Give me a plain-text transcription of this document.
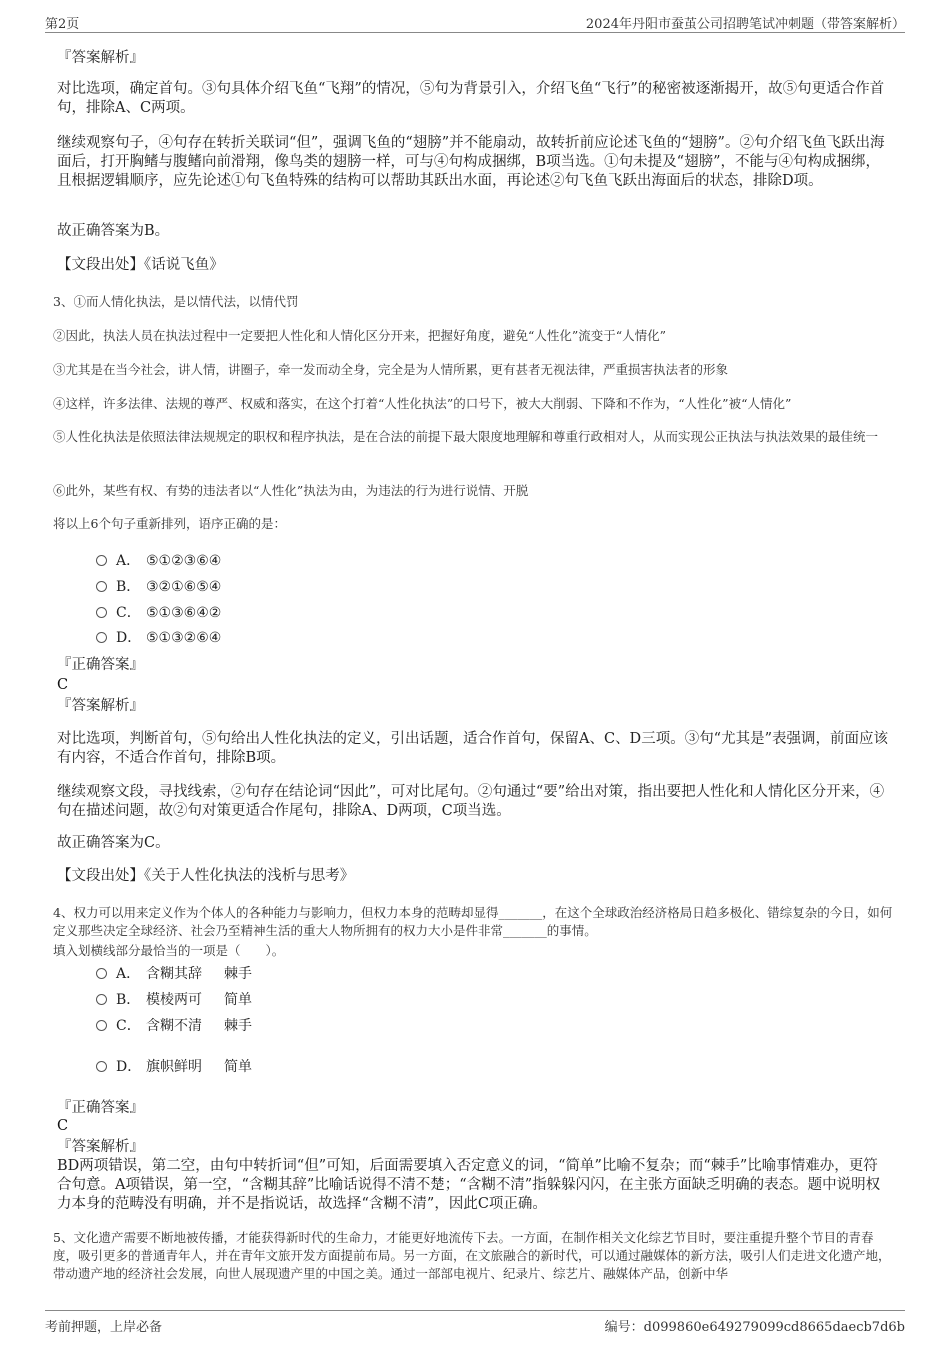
第2页	2024年丹阳市蚕茧公司招聘笔试冲刺题（带答案解析）
『答案解析』
对比选项，确定首句。③句具体介绍飞鱼“飞翔”的情况，⑤句为背景引入，介绍飞鱼“飞行”的秘密被逐渐揭开，故⑤句更适合作首句，排除A、C两项。
继续观察句子，④句存在转折关联词“但”，强调飞鱼的“翅膀”并不能扇动，故转折前应论述飞鱼的“翅膀”。②句介绍飞鱼飞跃出海面后，打开胸鳍与腹鳍向前滑翔，像鸟类的翅膀一样，可与④句构成捆绑，B项当选。①句未提及“翅膀”，不能与④句构成捆绑，且根据逻辑顺序，应先论述①句飞鱼特殊的结构可以帮助其跃出水面，再论述②句飞鱼飞跃出海面后的状态，排除D项。
故正确答案为B。
【文段出处】《话说飞鱼》
3、①而人情化执法，是以情代法，以情代罚
②因此，执法人员在执法过程中一定要把人性化和人情化区分开来，把握好角度，避免“人性化”流变于“人情化”
③尤其是在当今社会，讲人情，讲圈子，牵一发而动全身，完全是为人情所累，更有甚者无视法律，严重损害执法者的形象
④这样，许多法律、法规的尊严、权威和落实，在这个打着“人性化执法”的口号下，被大大削弱、下降和不作为，“人性化”被“人情化”
⑤人性化执法是依照法律法规规定的职权和程序执法，是在合法的前提下最大限度地理解和尊重行政相对人，从而实现公正执法与执法效果的最佳统一
⑥此外，某些有权、有势的违法者以“人性化”执法为由，为违法的行为进行说情、开脱
将以上6个句子重新排列，语序正确的是：
A． ⑤①②③⑥④
B． ③②①⑥⑤④
C． ⑤①③⑥④②
D． ⑤①③②⑥④
『正确答案』
C
『答案解析』
对比选项，判断首句，⑤句给出人性化执法的定义，引出话题，适合作首句，保留A、C、D三项。③句“尤其是”表强调，前面应该有内容，不适合作首句，排除B项。
继续观察文段，寻找线索，②句存在结论词“因此”，可对比尾句。②句通过“要”给出对策，指出要把人性化和人情化区分开来，④句在描述问题，故②句对策更适合作尾句，排除A、D两项，C项当选。
故正确答案为C。
【文段出处】《关于人性化执法的浅析与思考》
4、权力可以用来定义作为个体人的各种能力与影响力，但权力本身的范畴却显得_______，在这个全球政治经济格局日趋多极化、错综复杂的今日，如何定义那些决定全球经济、社会乃至精神生活的重大人物所拥有的权力大小是件非常_______的事情。
填入划横线部分最恰当的一项是（　　）。
A． 含糊其辞 棘手
B． 模棱两可 简单
C． 含糊不清 棘手
D． 旗帜鲜明 简单
『正确答案』
C
『答案解析』
BD两项错误，第二空，由句中转折词“但”可知，后面需要填入否定意义的词，“简单”比喻不复杂；而“棘手”比喻事情难办，更符合句意。A项错误，第一空，“含糊其辞”比喻话说得不清不楚；“含糊不清”指躲躲闪闪，在主张方面缺乏明确的表态。题中说明权力本身的范畴没有明确，并不是指说话，故选择“含糊不清”，因此C项正确。
5、文化遗产需要不断地被传播，才能获得新时代的生命力，才能更好地流传下去。一方面，在制作相关文化综艺节目时，要注重提升整个节目的青春度，吸引更多的普通青年人，并在青年文旅开发方面提前布局。另一方面，在文旅融合的新时代，可以通过融媒体的新方法，吸引人们走进文化遗产地，带动遗产地的经济社会发展，向世人展现遗产里的中国之美。通过一部部电视片、纪录片、综艺片、融媒体产品，创新中华
考前押题，上岸必备	编号：d099860e649279099cd8665daecb7d6b
